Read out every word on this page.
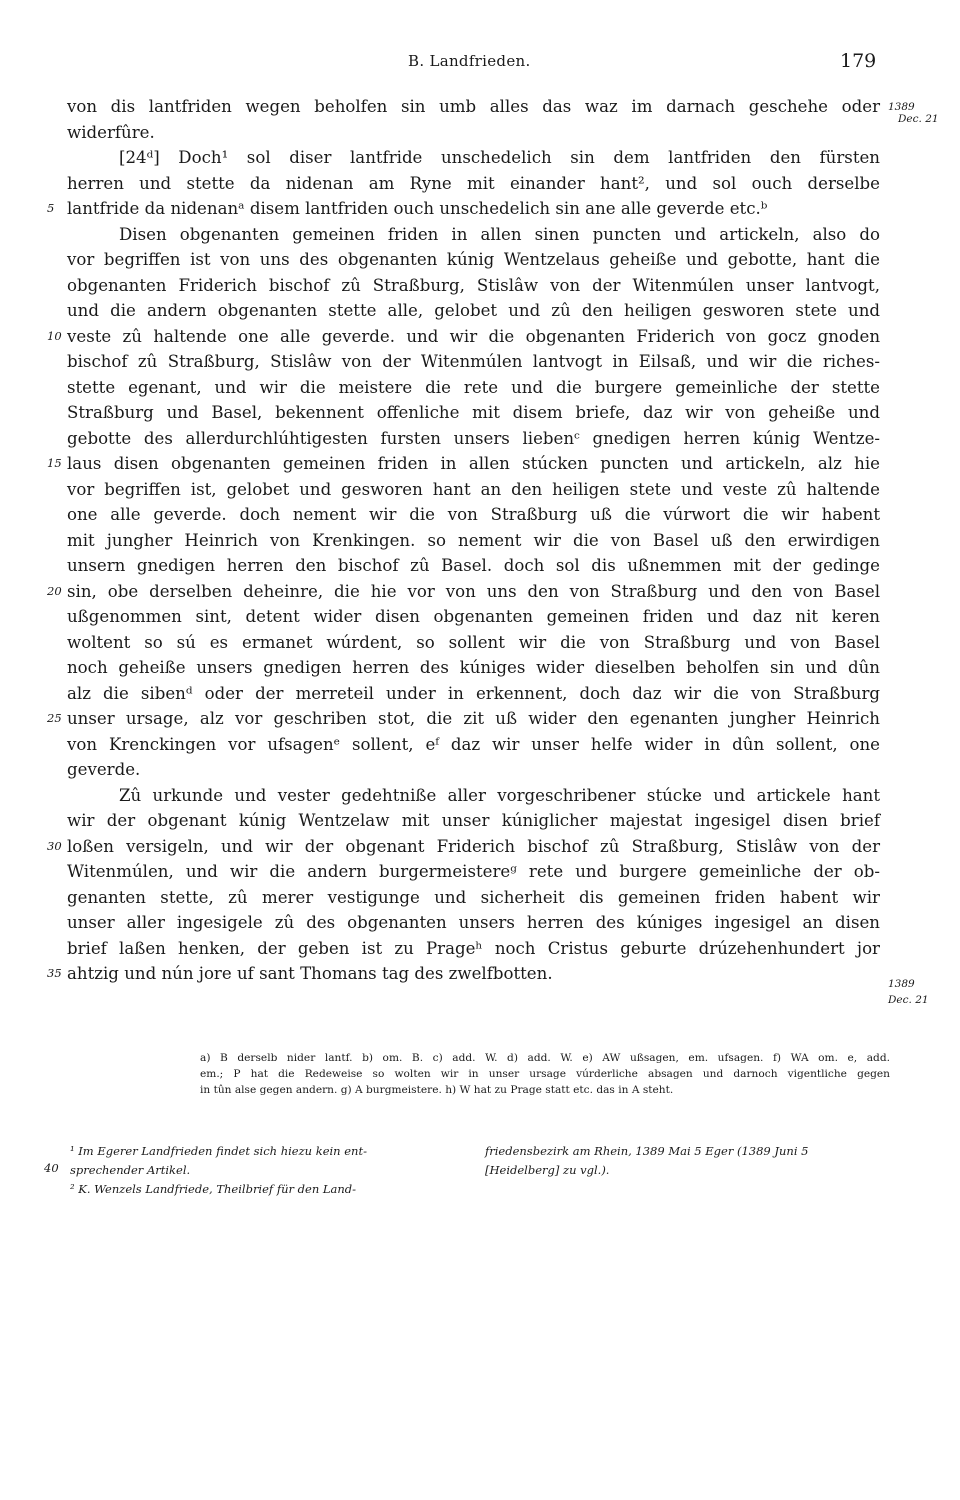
B. Landfrieden.	179
1389
Dec. 21
1389
Dec. 21
von dis lantfriden wegen beholfen sin umb alles das waz im darnach geschehe oder
widerfûre.
[24ᵈ] Doch¹ sol diser lantfride unschedelich sin dem lantfriden den fürsten
herren und stette da nidenan am Ryne mit einander hant², und sol ouch derselbe
5 lantfride da nidenanᵃ disem lantfriden ouch unschedelich sin ane alle geverde etc.ᵇ
Disen obgenanten gemeinen friden in allen sinen puncten und artickeln, also do
vor begriffen ist von uns des obgenanten kúnig Wentzelaus geheiße und gebotte, hant die
obgenanten Friderich bischof zû Straßburg, Stislâw von der Witenmúlen unser lantvogt,
und die andern obgenanten stette alle, gelobet und zû den heiligen gesworen stete und
10 veste zû haltende one alle geverde. und wir die obgenanten Friderich von gocz gnoden
bischof zû Straßburg, Stislâw von der Witenmúlen lantvogt in Eilsaß, und wir die riches-
stette egenant, und wir die meistere die rete und die burgere gemeinliche der stette
Straßburg und Basel, bekennent offenliche mit disem briefe, daz wir von geheiße und
gebotte des allerdurchlúhtigesten fursten unsers liebenᶜ gnedigen herren kúnig Wentze-
15 laus disen obgenanten gemeinen friden in allen stúcken puncten und artickeln, alz hie
vor begriffen ist, gelobet und gesworen hant an den heiligen stete und veste zû haltende
one alle geverde. doch nement wir die von Straßburg uß die vúrwort die wir habent
mit jungher Heinrich von Krenkingen. so nement wir die von Basel uß den erwirdigen
unsern gnedigen herren den bischof zû Basel. doch sol dis ußnemmen mit der gedinge
20 sin, obe derselben deheinre, die hie vor von uns den von Straßburg und den von Basel
ußgenommen sint, detent wider disen obgenanten gemeinen friden und daz nit keren
woltent so sú es ermanet wúrdent, so sollent wir die von Straßburg und von Basel
noch geheiße unsers gnedigen herren des kúniges wider dieselben beholfen sin und dûn
alz die sibenᵈ oder der merreteil under in erkennent, doch daz wir die von Straßburg
25 unser ursage, alz vor geschriben stot, die zit uß wider den egenanten jungher Heinrich
von Krenckingen vor ufsagenᵉ sollent, eᶠ daz wir unser helfe wider in dûn sollent, one
geverde.
Zû urkunde und vester gedehtniße aller vorgeschribener stúcke und artickele hant
wir der obgenant kúnig Wentzelaw mit unser kúniglicher majestat ingesigel disen brief
30 loßen versigeln, und wir der obgenant Friderich bischof zû Straßburg, Stislâw von der
Witenmúlen, und wir die andern burgermeistereᵍ rete und burgere gemeinliche der ob-
genanten stette, zû merer vestigunge und sicherheit dis gemeinen friden habent wir
unser aller ingesigele zû des obgenanten unsers herren des kúniges ingesigel an disen
brief laßen henken, der geben ist zu Prageʰ noch Cristus geburte drúzehenhundert jor
35 ahtzig und nún jore uf sant Thomans tag des zwelfbotten.
a) B derselb nider lantf. b) om. B. c) add. W. d) add. W. e) AW ußsagen, em. ufsagen. f) WA om. e, add.
em.; P hat die Redeweise so wolten wir in unser ursage vúrderliche absagen und darnoch vigentliche gegen
in tûn alse gegen andern. g) A burgmeistere. h) W hat zu Prage statt etc. das in A steht.
40
¹ Im Egerer Landfrieden findet sich hiezu kein ent-
sprechender Artikel.
² K. Wenzels Landfriede, Theilbrief für den Land-
friedensbezirk am Rhein, 1389 Mai 5 Eger (1389 Juni 5
[Heidelberg] zu vgl.).
